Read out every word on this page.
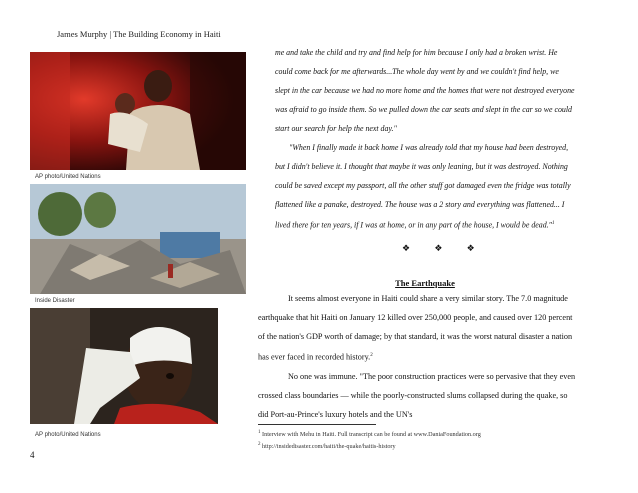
James Murphy | The Building Economy in Haiti
AP photo/United Nations
Inside Disaster
AP photo/United Nations

me and take the child and try and find help for him because I only had a broken wrist. He could come back for me afterwards...The whole day went by and we couldn't find help, we slept in the car because we had no more home and the homes that were not destroyed everyone was afraid to go inside them. So we pulled down the car seats and slept in the car so we could start our search for help the next day."

"When I finally made it back home I was already told that my house had been destroyed, but I didn't believe it. I thought that maybe it was only leaning, but it was destroyed. Nothing could be saved except my passport, all the other stuff got damaged even the fridge was totally flattened like a panake, destroyed. The house was a 2 story and everything was flattened... I lived there for ten years, if I was at home, or in any part of the house, I would be dead."$^1$

❖ ❖ ❖
The Earthquake

It seems almost everyone in Haiti could share a very similar story. The 7.0 magnitude earthquake that hit Haiti on January 12 killed over 250,000 people, and caused over 120 percent of the nation's GDP worth of damage; by that standard, it was the worst natural disaster a nation has ever faced in recorded history.$^2$

No one was immune. "The poor construction practices were so pervasive that they even crossed class boundaries — while the poorly-constructed slums collapsed during the quake, so did Port-au-Prince's luxury hotels and the UN's

$^1$ Interview with Mehu in Haiti. Full transcript can be found at www.DaniaFoundation.org
$^2$ http://insidedisaster.com/haiti/the-quake/haitis-history
4
